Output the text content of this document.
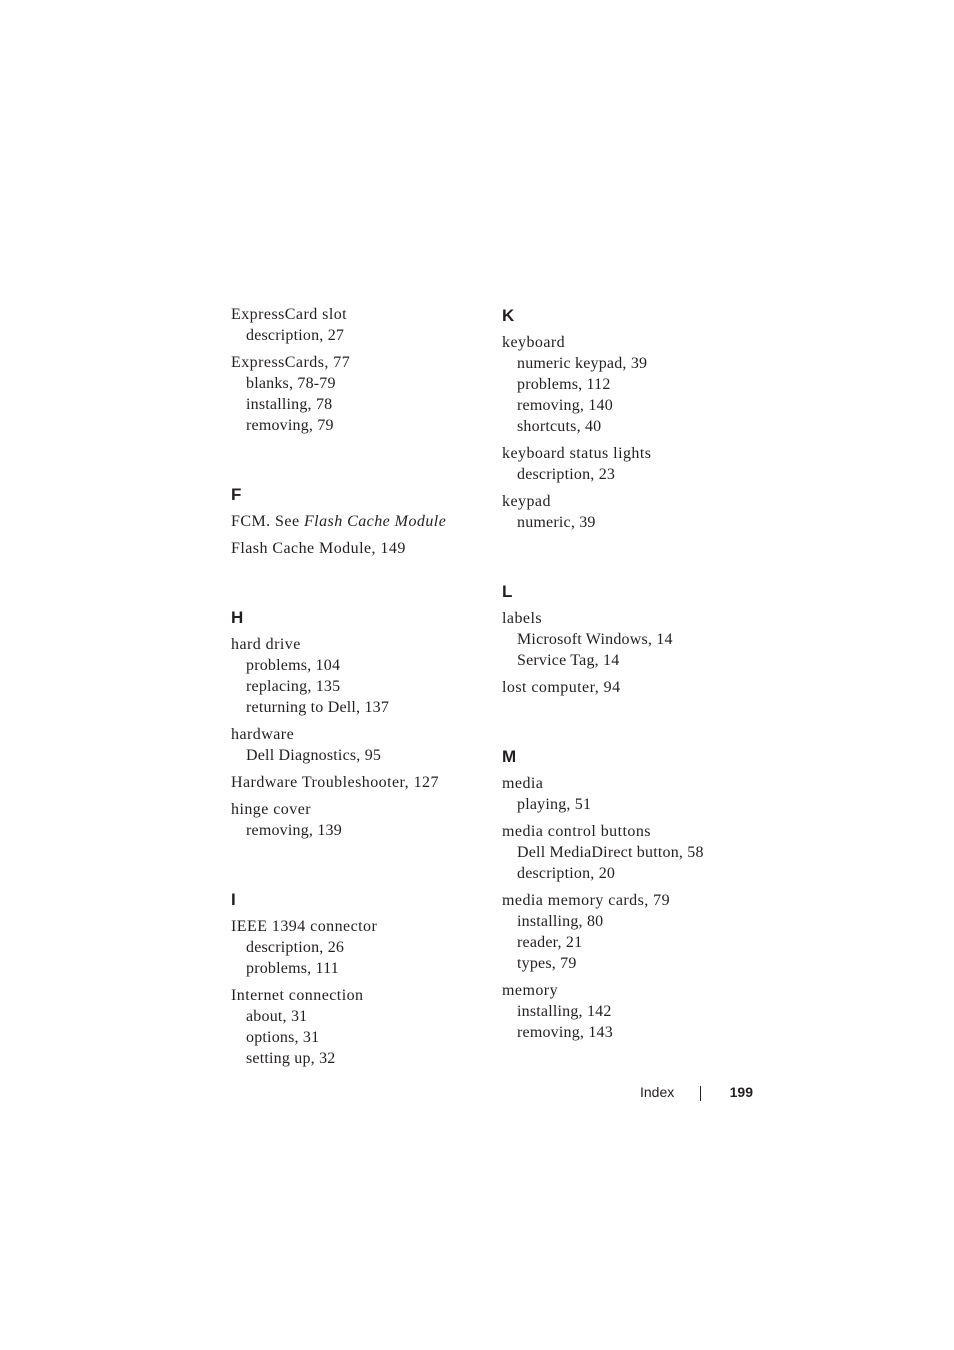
ExpressCard slot
description, 27
ExpressCards, 77
blanks, 78-79
installing, 78
removing, 79
F
FCM. See Flash Cache Module
Flash Cache Module, 149
H
hard drive
problems, 104
replacing, 135
returning to Dell, 137
hardware
Dell Diagnostics, 95
Hardware Troubleshooter, 127
hinge cover
removing, 139
I
IEEE 1394 connector
description, 26
problems, 111
Internet connection
about, 31
options, 31
setting up, 32
K
keyboard
numeric keypad, 39
problems, 112
removing, 140
shortcuts, 40
keyboard status lights
description, 23
keypad
numeric, 39
L
labels
Microsoft Windows, 14
Service Tag, 14
lost computer, 94
M
media
playing, 51
media control buttons
Dell MediaDirect button, 58
description, 20
media memory cards, 79
installing, 80
reader, 21
types, 79
memory
installing, 142
removing, 143
Index	199
